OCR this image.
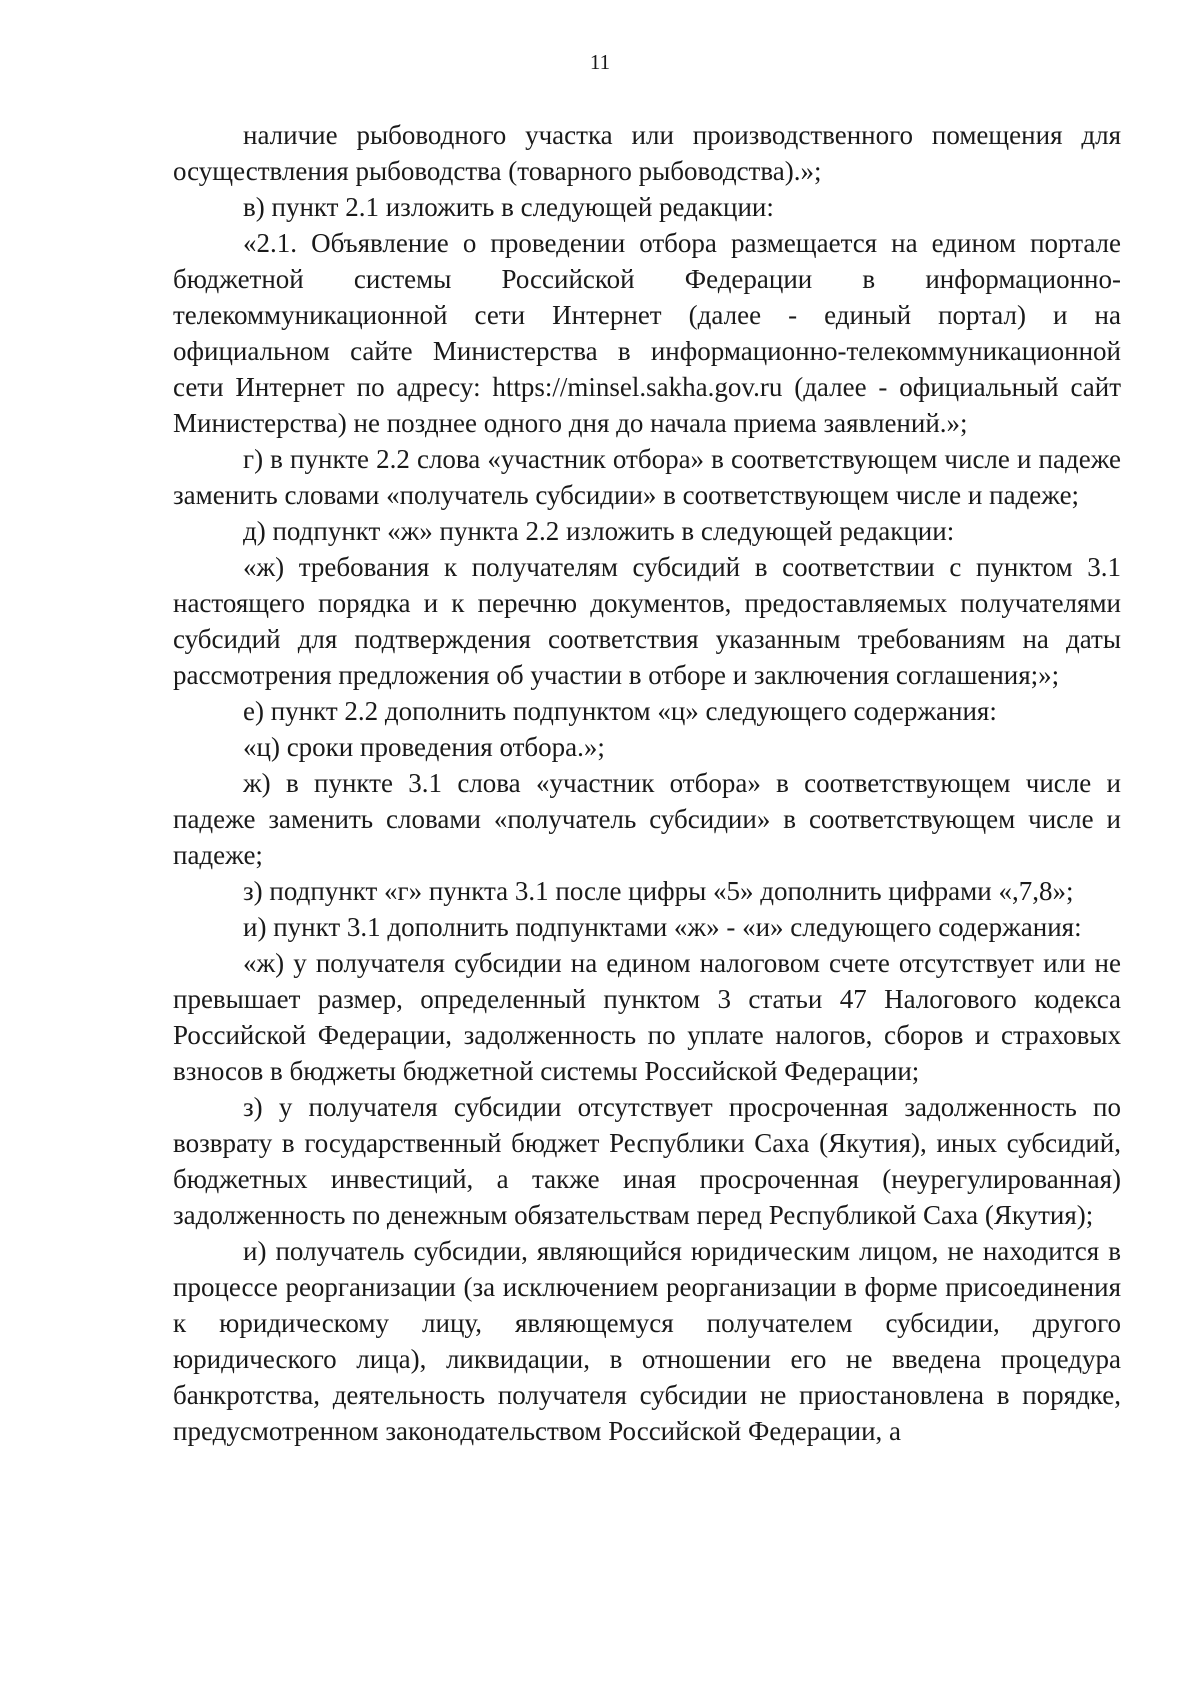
11

наличие рыбоводного участка или производственного помещения для осуществления рыбоводства (товарного рыбоводства).»;

в) пункт 2.1 изложить в следующей редакции:

«2.1. Объявление о проведении отбора размещается на едином портале бюджетной системы Российской Федерации в информационно-телекоммуникационной сети Интернет (далее - единый портал) и на официальном сайте Министерства в информационно-телекоммуникационной сети Интернет по адресу: https://minsel.sakha.gov.ru (далее - официальный сайт Министерства) не позднее одного дня до начала приема заявлений.»;

г) в пункте 2.2 слова «участник отбора» в соответствующем числе и падеже заменить словами «получатель субсидии» в соответствующем числе и падеже;

д) подпункт «ж» пункта 2.2 изложить в следующей редакции:

«ж) требования к получателям субсидий в соответствии с пунктом 3.1 настоящего порядка и к перечню документов, предоставляемых получателями субсидий для подтверждения соответствия указанным требованиям на даты рассмотрения предложения об участии в отборе и заключения соглашения;»;

е) пункт 2.2 дополнить подпунктом «ц» следующего содержания:

«ц) сроки проведения отбора.»;

ж) в пункте 3.1 слова «участник отбора» в соответствующем числе и падеже заменить словами «получатель субсидии» в соответствующем числе и падеже;

з) подпункт «г» пункта 3.1 после цифры «5» дополнить цифрами «,7,8»;

и) пункт 3.1 дополнить подпунктами «ж» - «и» следующего содержания:

«ж) у получателя субсидии на едином налоговом счете отсутствует или не превышает размер, определенный пунктом 3 статьи 47 Налогового кодекса Российской Федерации, задолженность по уплате налогов, сборов и страховых взносов в бюджеты бюджетной системы Российской Федерации;

з) у получателя субсидии отсутствует просроченная задолженность по возврату в государственный бюджет Республики Саха (Якутия), иных субсидий, бюджетных инвестиций, а также иная просроченная (неурегулированная) задолженность по денежным обязательствам перед Республикой Саха (Якутия);

и) получатель субсидии, являющийся юридическим лицом, не находится в процессе реорганизации (за исключением реорганизации в форме присоединения к юридическому лицу, являющемуся получателем субсидии, другого юридического лица), ликвидации, в отношении его не введена процедура банкротства, деятельность получателя субсидии не приостановлена в порядке, предусмотренном законодательством Российской Федерации, а
